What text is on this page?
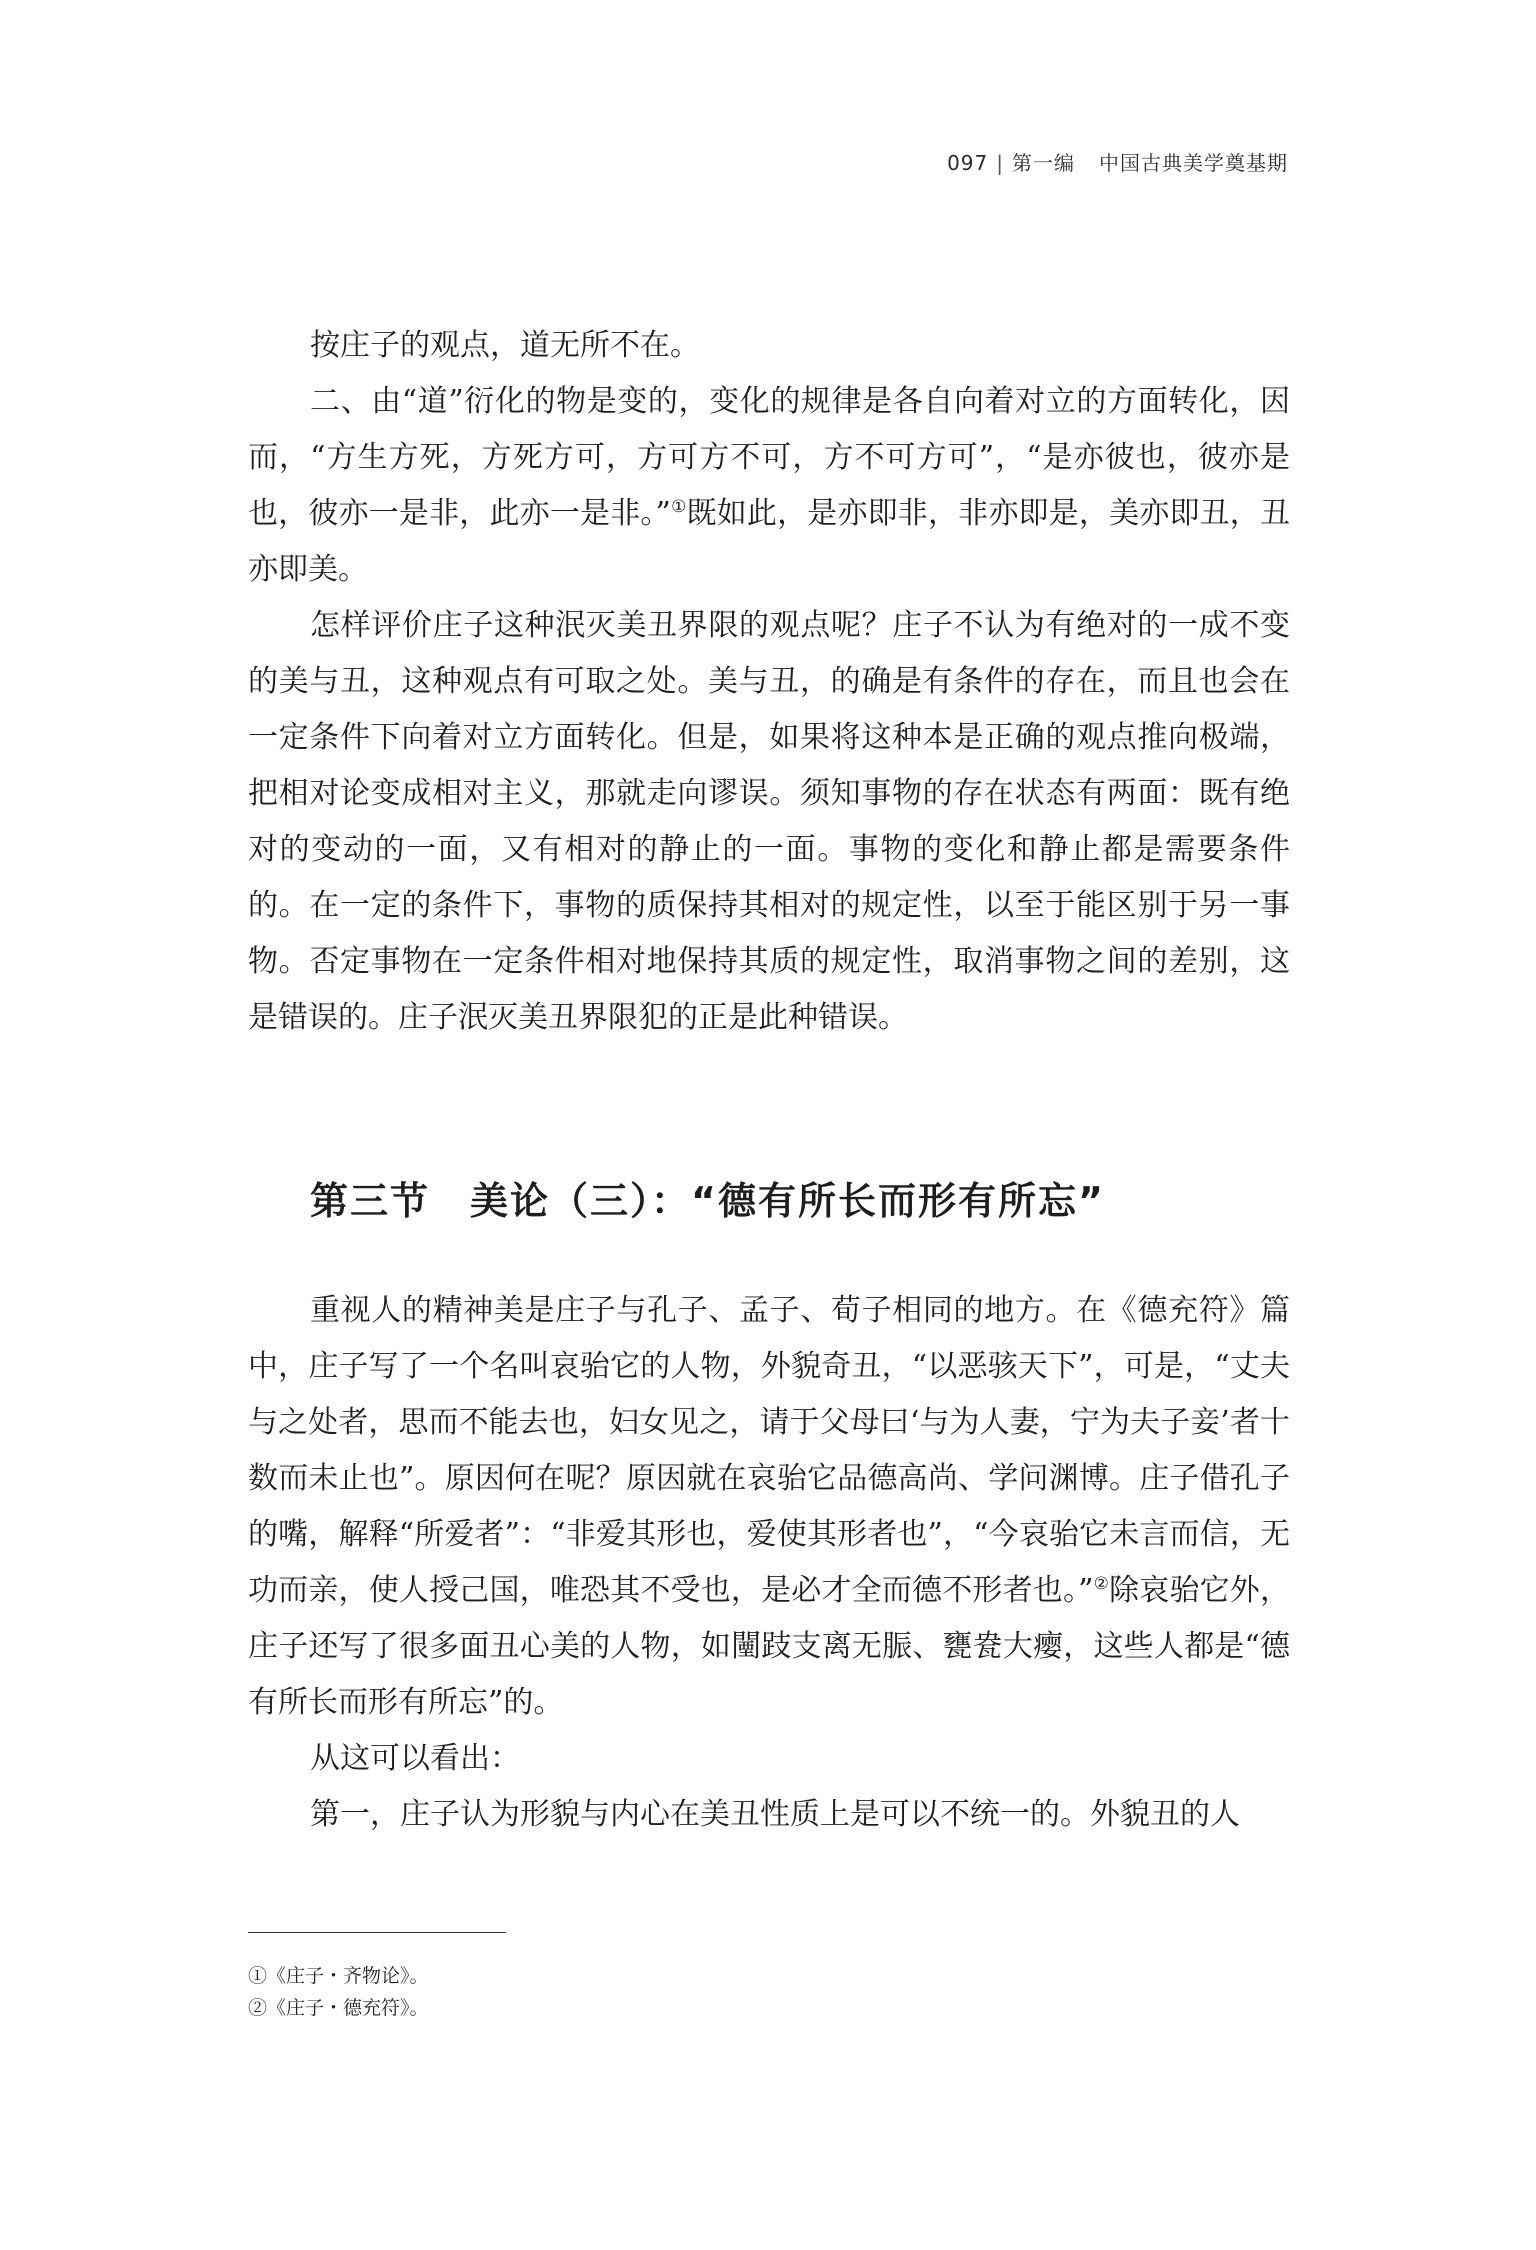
097 | 第一编 中国古典美学奠基期

按庄子的观点，道无所不在。

二、由“道”衍化的物是变的，变化的规律是各自向着对立的方面转化，因而，“方生方死，方死方可，方可方不可，方不可方可”，“是亦彼也，彼亦是也，彼亦一是非，此亦一是非。”①既如此，是亦即非，非亦即是，美亦即丑，丑亦即美。

怎样评价庄子这种泯灭美丑界限的观点呢？庄子不认为有绝对的一成不变的美与丑，这种观点有可取之处。美与丑，的确是有条件的存在，而且也会在一定条件下向着对立方面转化。但是，如果将这种本是正确的观点推向极端，把相对论变成相对主义，那就走向谬误。须知事物的存在状态有两面：既有绝对的变动的一面，又有相对的静止的一面。事物的变化和静止都是需要条件的。在一定的条件下，事物的质保持其相对的规定性，以至于能区别于另一事物。否定事物在一定条件相对地保持其质的规定性，取消事物之间的差别，这是错误的。庄子泯灭美丑界限犯的正是此种错误。

第三节 美论（三）：“德有所长而形有所忘”

重视人的精神美是庄子与孔子、孟子、荀子相同的地方。在《德充符》篇中，庄子写了一个名叫哀骀它的人物，外貌奇丑，“以恶骇天下”，可是，“丈夫与之处者，思而不能去也，妇女见之，请于父母曰‘与为人妻，宁为夫子妾’者十数而未止也”。原因何在呢？原因就在哀骀它品德高尚、学问渊博。庄子借孔子的嘴，解释“所爱者”：“非爱其形也，爱使其形者也”，“今哀骀它未言而信，无功而亲，使人授己国，唯恐其不受也，是必才全而德不形者也。”②除哀骀它外，庄子还写了很多面丑心美的人物，如闉跂支离无脤、甕㼜大瘿，这些人都是“德有所长而形有所忘”的。

从这可以看出：

第一，庄子认为形貌与内心在美丑性质上是可以不统一的。外貌丑的人

①《庄子・齐物论》。
②《庄子・德充符》。
